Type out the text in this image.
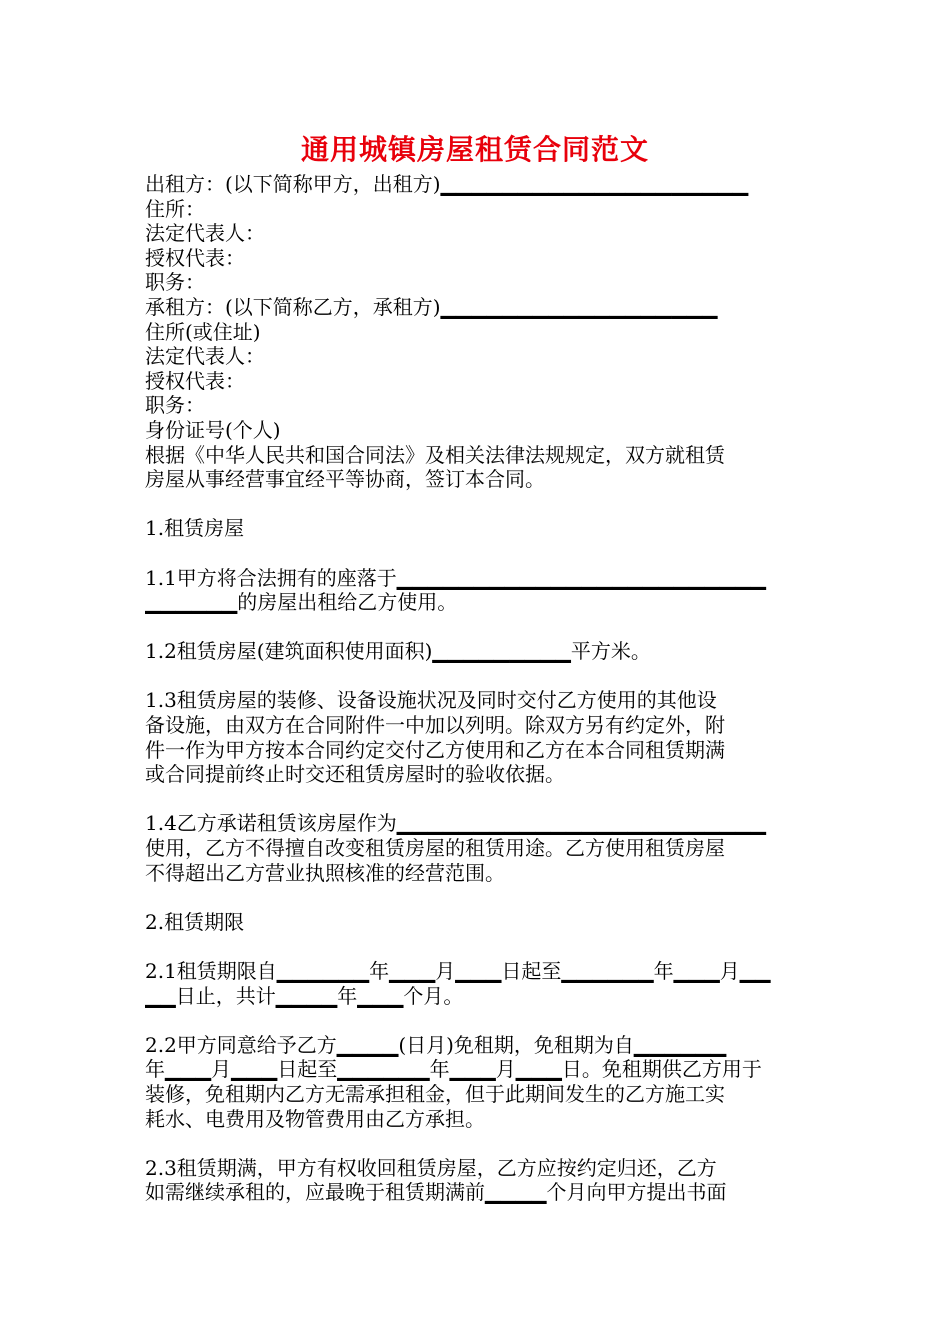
通用城镇房屋租赁合同范文
出租方：(以下简称甲方，出租方)▁▁▁▁▁▁▁▁▁▁▁▁▁▁▁▁▁▁▁▁
住所：
法定代表人：
授权代表：
职务：
承租方：(以下简称乙方，承租方)▁▁▁▁▁▁▁▁▁▁▁▁▁▁▁▁▁▁
住所(或住址)
法定代表人：
授权代表：
职务：
身份证号(个人)
根据《中华人民共和国合同法》及相关法律法规规定，双方就租赁
房屋从事经营事宜经平等协商，签订本合同。
1.租赁房屋
1.1甲方将合法拥有的座落于▁▁▁▁▁▁▁▁▁▁▁▁▁▁▁▁▁▁▁▁▁▁▁▁
▁▁▁▁▁▁的房屋出租给乙方使用。
1.2租赁房屋(建筑面积使用面积)▁▁▁▁▁▁▁▁▁平方米。
1.3租赁房屋的装修、设备设施状况及同时交付乙方使用的其他设
备设施，由双方在合同附件一中加以列明。除双方另有约定外，附
件一作为甲方按本合同约定交付乙方使用和乙方在本合同租赁期满
或合同提前终止时交还租赁房屋时的验收依据。
1.4乙方承诺租赁该房屋作为▁▁▁▁▁▁▁▁▁▁▁▁▁▁▁▁▁▁▁▁▁▁▁▁
使用，乙方不得擅自改变租赁房屋的租赁用途。乙方使用租赁房屋
不得超出乙方营业执照核准的经营范围。
2.租赁期限
2.1租赁期限自▁▁▁▁▁▁年▁▁▁月▁▁▁日起至▁▁▁▁▁▁年▁▁▁月▁▁
▁▁日止，共计▁▁▁▁年▁▁▁个月。
2.2甲方同意给予乙方▁▁▁▁(日月)免租期，免租期为自▁▁▁▁▁▁
年▁▁▁月▁▁▁日起至▁▁▁▁▁▁年▁▁▁月▁▁▁日。免租期供乙方用于
装修，免租期内乙方无需承担租金，但于此期间发生的乙方施工实
耗水、电费用及物管费用由乙方承担。
2.3租赁期满，甲方有权收回租赁房屋，乙方应按约定归还，乙方
如需继续承租的，应最晚于租赁期满前▁▁▁▁个月向甲方提出书面
